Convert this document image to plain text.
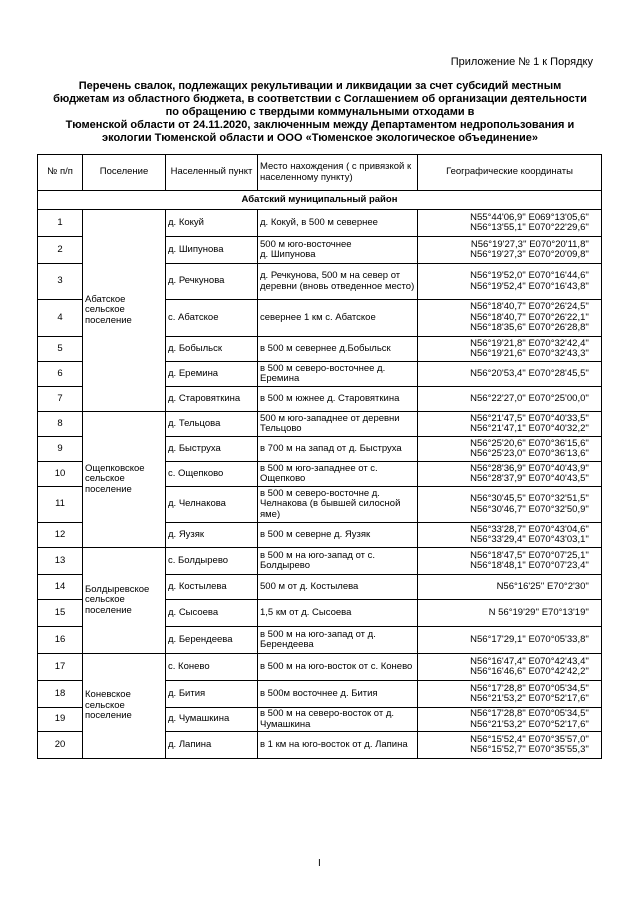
Приложение № 1 к Порядку
Перечень свалок, подлежащих рекультивации и ликвидации за счет субсидий местным
бюджетам из областного бюджета, в соответствии с Соглашением об организации деятельности
по обращению с твердыми коммунальными отходами в
Тюменской области от 24.11.2020, заключенным между Департаментом недропользования и
экологии Тюменской области и ООО «Тюменское экологическое объединение»
№ п/п	Поселение	Населенный пункт	Место нахождения ( с привязкой к населенному пункту)	Географические координаты
Абатский муниципальный район				
1	Абатское сельское поселение	д. Кокуй	д. Кокуй, в 500 м севернее	N55°44'06,9'' E069°13'05,6''
N56°13'55,1'' E070°22'29,6''
2		д. Шипунова	500 м юго-восточнее
д. Шипунова	N56°19'27,3'' E070°20'11,8''
N56°19'27,3'' E070°20'09,8''
3		д. Речкунова	д. Речкунова, 500 м на север от деревни (вновь отведенное место)	N56°19'52,0'' E070°16'44,6''
N56°19'52,4'' E070°16'43,8''
4		с. Абатское	севернее 1 км с. Абатское	N56°18'40,7'' E070°26'24,5''
N56°18'40,7'' E070°26'22,1''
N56°18'35,6'' E070°26'28,8''
5		д. Бобыльск	в 500 м севернее д.Бобыльск	N56°19'21,8'' E070°32'42,4''
N56°19'21,6'' E070°32'43,3''
6		д. Еремина	в 500 м северо-восточнее д. Еремина	N56°20'53,4'' E070°28'45,5''
7		д. Старовяткина	в 500 м южнее д. Старовяткина	N56°22'27,0'' E070°25'00,0''
8	Ощепковское сельское поселение	д. Тельцова	500 м юго-западнее от деревни Тельцово	N56°21'47,5'' E070°40'33,5''
N56°21'47,1'' E070°40'32,2''
9		д. Быструха	в 700 м на запад от д. Быструха	N56°25'20,6'' E070°36'15,6''
N56°25'23,0'' E070°36'13,6''
10		с. Ощепково	в 500 м юго-западнее от с. Ощепково	N56°28'36,9'' E070°40'43,9''
N56°28'37,9'' E070°40'43,5''
11		д. Челнакова	в 500 м северо-восточне д. Челнакова (в бывшей силосной яме)	N56°30'45,5'' E070°32'51,5''
N56°30'46,7'' E070°32'50,9''
12		д. Яузяк	в 500 м северне д. Яузяк	N56°33'28,7'' E070°43'04,6''
N56°33'29,4'' E070°43'03,1''
13	Болдыревское сельское поселение	с. Болдырево	в 500 м на юго-запад от с. Болдырево	N56°18'47,5'' E070°07'25,1''
N56°18'48,1'' E070°07'23,4''
14		д. Костылева	500 м от д. Костылева	N56°16'25'' E70°2'30''
15		д. Сысоева	1,5 км от д. Сысоева	N 56°19'29'' E70°13'19''
16		д. Берендеева	в 500 м на юго-запад от д. Берендеева	N56°17'29,1'' E070°05'33,8''
17	Коневское сельское поселение	с. Конево	в 500 м на юго-восток от с. Конево	N56°16'47,4'' E070°42'43,4''
N56°16'46,6'' E070°42'42,2''
18		д. Бития	в 500м восточнее д. Бития	N56°17'28,8'' E070°05'34,5''
N56°21'53,2'' E070°52'17,6''
19		д. Чумашкина	в 500 м на северо-восток от д. Чумашкина	N56°17'28,8'' E070°05'34,5''
N56°21'53,2'' E070°52'17,6''
20		д. Лапина	в 1 км на юго-восток от д. Лапина	N56°15'52,4'' E070°35'57,0''
N56°15'52,7'' E070°35'55,3''
I
